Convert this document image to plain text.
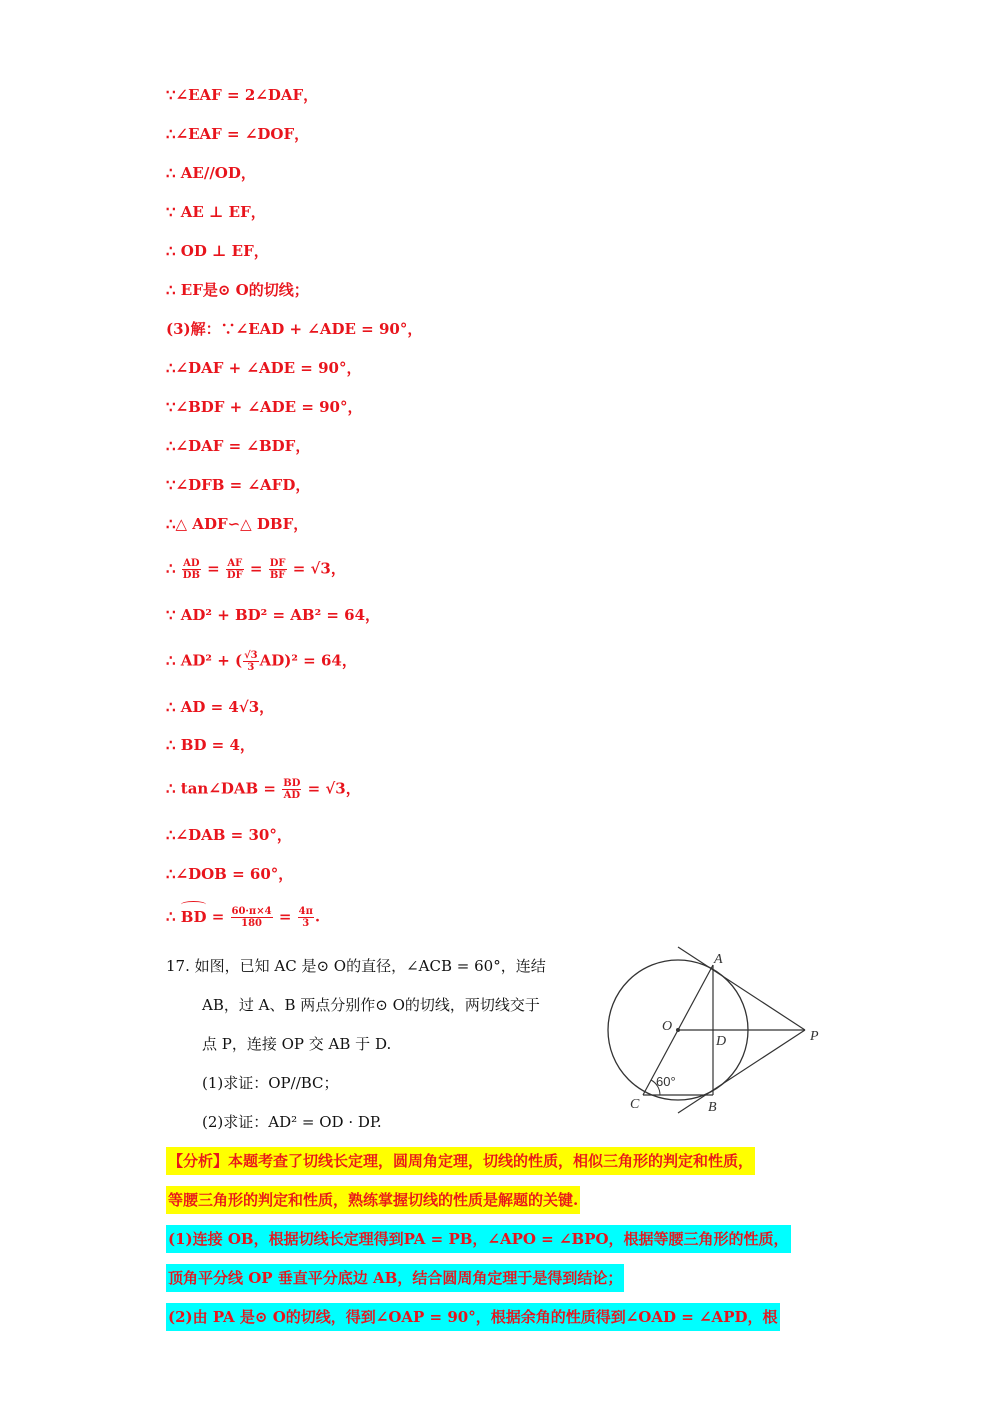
∵∠EAF = 2∠DAF，
∴∠EAF = ∠DOF，
∴ AE//OD，
∵ AE ⊥ EF，
∴ OD ⊥ EF，
∴ EF是⊙ O的切线；
(3)解：∵∠EAD + ∠ADE = 90°，
∴∠DAF + ∠ADE = 90°，
∵∠BDF + ∠ADE = 90°，
∴∠DAF = ∠BDF，
∵∠DFB = ∠AFD，
∴△ ADF∽△ DBF，
∴ $\frac{AD}{DB} = \frac{AF}{DF} = \frac{DF}{BF} = √3$，
∵ AD² + BD² = AB² = 64，
∴ AD² + ( $\frac{√3}{3} AD)^2 = 64$，
∴ AD = 4√3，
∴ BD = 4，
∴ tan∠DAB = $\frac{BD}{AD} = √3$，
∴∠DAB = 30°，
∴∠DOB = 60°，
∴ BD = $\frac{60\cdot\pi\times 4}{180} = \frac{4\pi}{3}$ .
17. 如图，已知 AC 是⊙ O的直径，∠ACB = 60°，连结
AB，过 A、B 两点分别作⊙ O的切线，两切线交于
点 P，连接 OP 交 AB 于 D.
(1)求证：OP//BC；
(2)求证：AD² = OD · DP.
A
O
D	P
C	B
60°
【分析】本题考查了切线长定理，圆周角定理，切线的性质，相似三角形的判定和性质，
等腰三角形的判定和性质，熟练掌握切线的性质是解题的关键.
(1)连接 OB，根据切线长定理得到PA = PB，∠APO = ∠BPO，根据等腰三角形的性质，
顶角平分线 OP 垂直平分底边 AB，结合圆周角定理于是得到结论；
(2)由 PA 是⊙ O的切线，得到∠OAP = 90°，根据余角的性质得到∠OAD = ∠APD，根
